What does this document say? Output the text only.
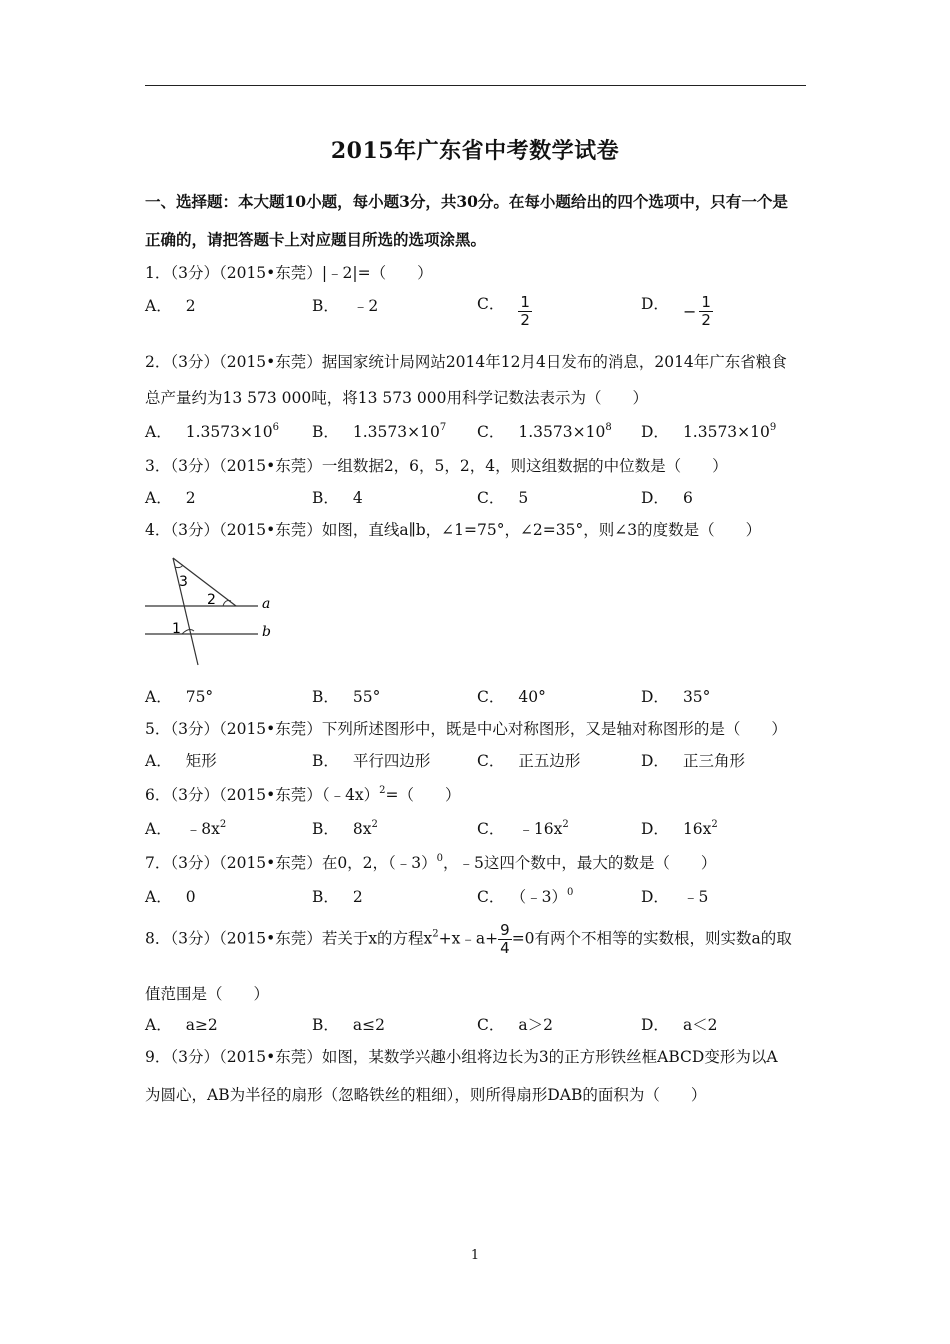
2015年广东省中考数学试卷
一、选择题：本大题10小题，每小题3分，共30分。在每小题给出的四个选项中，只有一个是
正确的，请把答题卡上对应题目所选的选项涂黑。
1．（3分）（2015•东莞）|﹣2|=（　　）
A． 2	B． ﹣2	C． $\frac{1}{2}$	D． − $\frac{1}{2}$
2．（3分）（2015•东莞）据国家统计局网站2014年12月4日发布的消息，2014年广东省粮食
总产量约为13 573 000吨，将13 573 000用科学记数法表示为（　　）
A． $1.3573\times 10^6$ B． $1.3573\times 10^7$ C． $1.3573\times 10^8$ D． $1.3573\times 10^9$
3．（3分）（2015•东莞）一组数据2，6，5，2，4，则这组数据的中位数是（　　）
A． 2	B． 4	C． 5	D． 6
4．（3分）（2015•东莞）如图，直线a∥b，∠1=75°，∠2=35°，则∠3的度数是（　　）
3
2
1
a
b
A． 75°	B． 55°	C． 40°	D． 35°
5．（3分）（2015•东莞）下列所述图形中，既是中心对称图形，又是轴对称图形的是（　　）
A． 矩形	B． 平行四边形	C． 正五边形	D． 正三角形
6．（3分）（2015•东莞）（﹣4x）$^2$=（　　）
A． $﹣8x^2$	B． $8x^2$	C． $﹣16x^2$	D． $16x^2$
7．（3分）（2015•东莞）在0，2，（﹣3）$^0$，﹣5这四个数中，最大的数是（　　）
A． 0	B． 2	C． （﹣3）$^0$	D． ﹣5
8．（3分）（2015•东莞）若关于x的方程$x^2+x﹣a+ \frac{9}{4} =0$有两个不相等的实数根，则实数a的取
值范围是（　　）
A． a≥2	B． a≤2	C． a＞2	D． a＜2
9．（3分）（2015•东莞）如图，某数学兴趣小组将边长为3的正方形铁丝框ABCD变形为以A
为圆心，AB为半径的扇形（忽略铁丝的粗细），则所得扇形DAB的面积为（　　）
1
